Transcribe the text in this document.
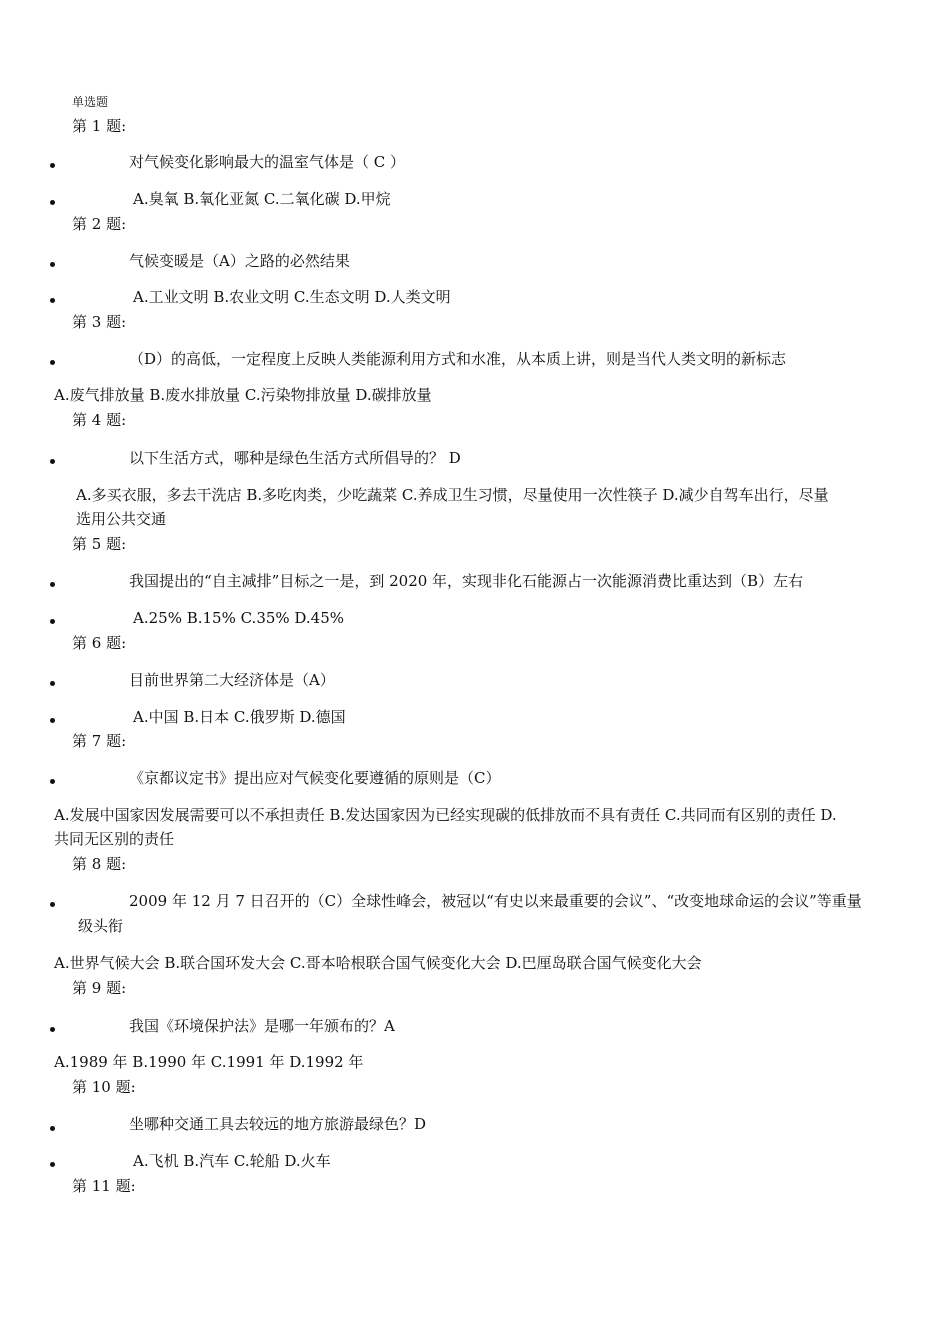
单选题
第 1 题:
对气候变化影响最大的温室气体是（ C ）
A.臭氧 B.氧化亚氮 C.二氧化碳 D.甲烷
第 2 题:
气候变暖是（A）之路的必然结果
A.工业文明 B.农业文明 C.生态文明 D.人类文明
第 3 题:
（D）的高低，一定程度上反映人类能源利用方式和水准，从本质上讲，则是当代人类文明的新标志
A.废气排放量 B.废水排放量 C.污染物排放量 D.碳排放量
第 4 题:
以下生活方式，哪种是绿色生活方式所倡导的？ D
A.多买衣服，多去干洗店 B.多吃肉类，少吃蔬菜 C.养成卫生习惯，尽量使用一次性筷子 D.减少自驾车出行，尽量
选用公共交通
第 5 题:
我国提出的“自主减排”目标之一是，到 2020 年，实现非化石能源占一次能源消费比重达到（B）左右
A.25% B.15% C.35% D.45%
第 6 题:
目前世界第二大经济体是（A）
A.中国 B.日本 C.俄罗斯 D.德国
第 7 题:
《京都议定书》提出应对气候变化要遵循的原则是（C）
A.发展中国家因发展需要可以不承担责任 B.发达国家因为已经实现碳的低排放而不具有责任 C.共同而有区别的责任 D.
共同无区别的责任
第 8 题:
2009 年 12 月 7 日召开的（C）全球性峰会，被冠以“有史以来最重要的会议”、“改变地球命运的会议”等重量
级头衔
A.世界气候大会 B.联合国环发大会 C.哥本哈根联合国气候变化大会 D.巴厘岛联合国气候变化大会
第 9 题:
我国《环境保护法》是哪一年颁布的？A
A.1989 年 B.1990 年 C.1991 年 D.1992 年
第 10 题:
坐哪种交通工具去较远的地方旅游最绿色？D
A.飞机 B.汽车 C.轮船 D.火车
第 11 题:
